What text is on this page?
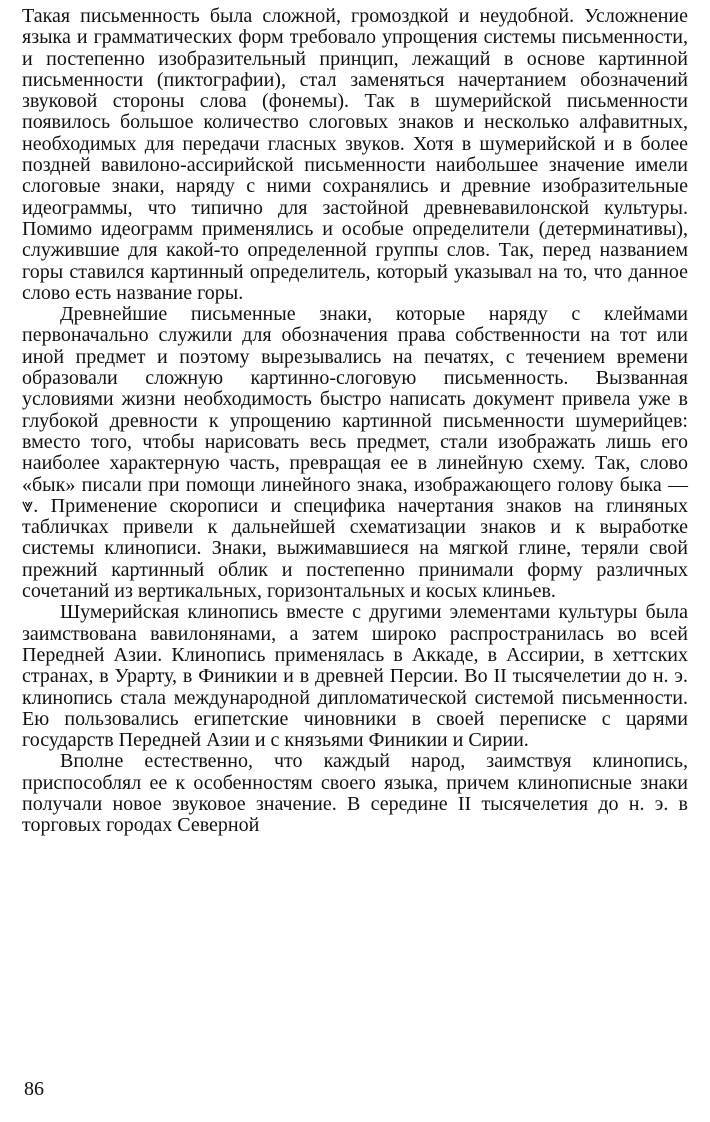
Такая письменность была сложной, громоздкой и неудобной. Усложнение языка и грамматических форм требовало упрощения системы письменности, и постепенно изобразительный принцип, лежащий в основе картинной письменности (пиктографии), стал заменяться начертанием обозначений звуковой стороны слова (фонемы). Так в шумерийской письменности появилось большое количество слоговых знаков и несколько алфавитных, необходимых для передачи гласных звуков. Хотя в шумерийской и в более поздней вавилоно-ассирийской письменности наибольшее значение имели слоговые знаки, наряду с ними сохранялись и древние изобразительные идеограммы, что типично для застойной древневавилонской культуры. Помимо идеограмм применялись и особые определители (детерминативы), служившие для какой-то определенной группы слов. Так, перед названием горы ставился картинный определитель, который указывал на то, что данное слово есть название горы.

Древнейшие письменные знаки, которые наряду с клеймами первоначально служили для обозначения права собственности на тот или иной предмет и поэтому вырезывались на печатях, с течением времени образовали сложную картинно-слоговую письменность. Вызванная условиями жизни необходимость быстро написать документ привела уже в глубокой древности к упрощению картинной письменности шумерийцев: вместо того, чтобы нарисовать весь предмет, стали изображать лишь его наиболее характерную часть, превращая ее в линейную схему. Так, слово «бык» писали при помощи линейного знака, изображающего голову быка — ⩔. Применение скорописи и специфика начертания знаков на глиняных табличках привели к дальнейшей схематизации знаков и к выработке системы клинописи. Знаки, выжимавшиеся на мягкой глине, теряли свой прежний картинный облик и постепенно принимали форму различных сочетаний из вертикальных, горизонтальных и косых клиньев.

Шумерийская клинопись вместе с другими элементами культуры была заимствована вавилонянами, а затем широко распространилась во всей Передней Азии. Клинопись применялась в Аккаде, в Ассирии, в хеттских странах, в Урарту, в Финикии и в древней Персии. Во II тысячелетии до н. э. клинопись стала международной дипломатической системой письменности. Ею пользовались египетские чиновники в своей переписке с царями государств Передней Азии и с князьями Финикии и Сирии.

Вполне естественно, что каждый народ, заимствуя клинопись, приспособлял ее к особенностям своего языка, причем клинописные знаки получали новое звуковое значение. В середине II тысячелетия до н. э. в торговых городах Северной

86
